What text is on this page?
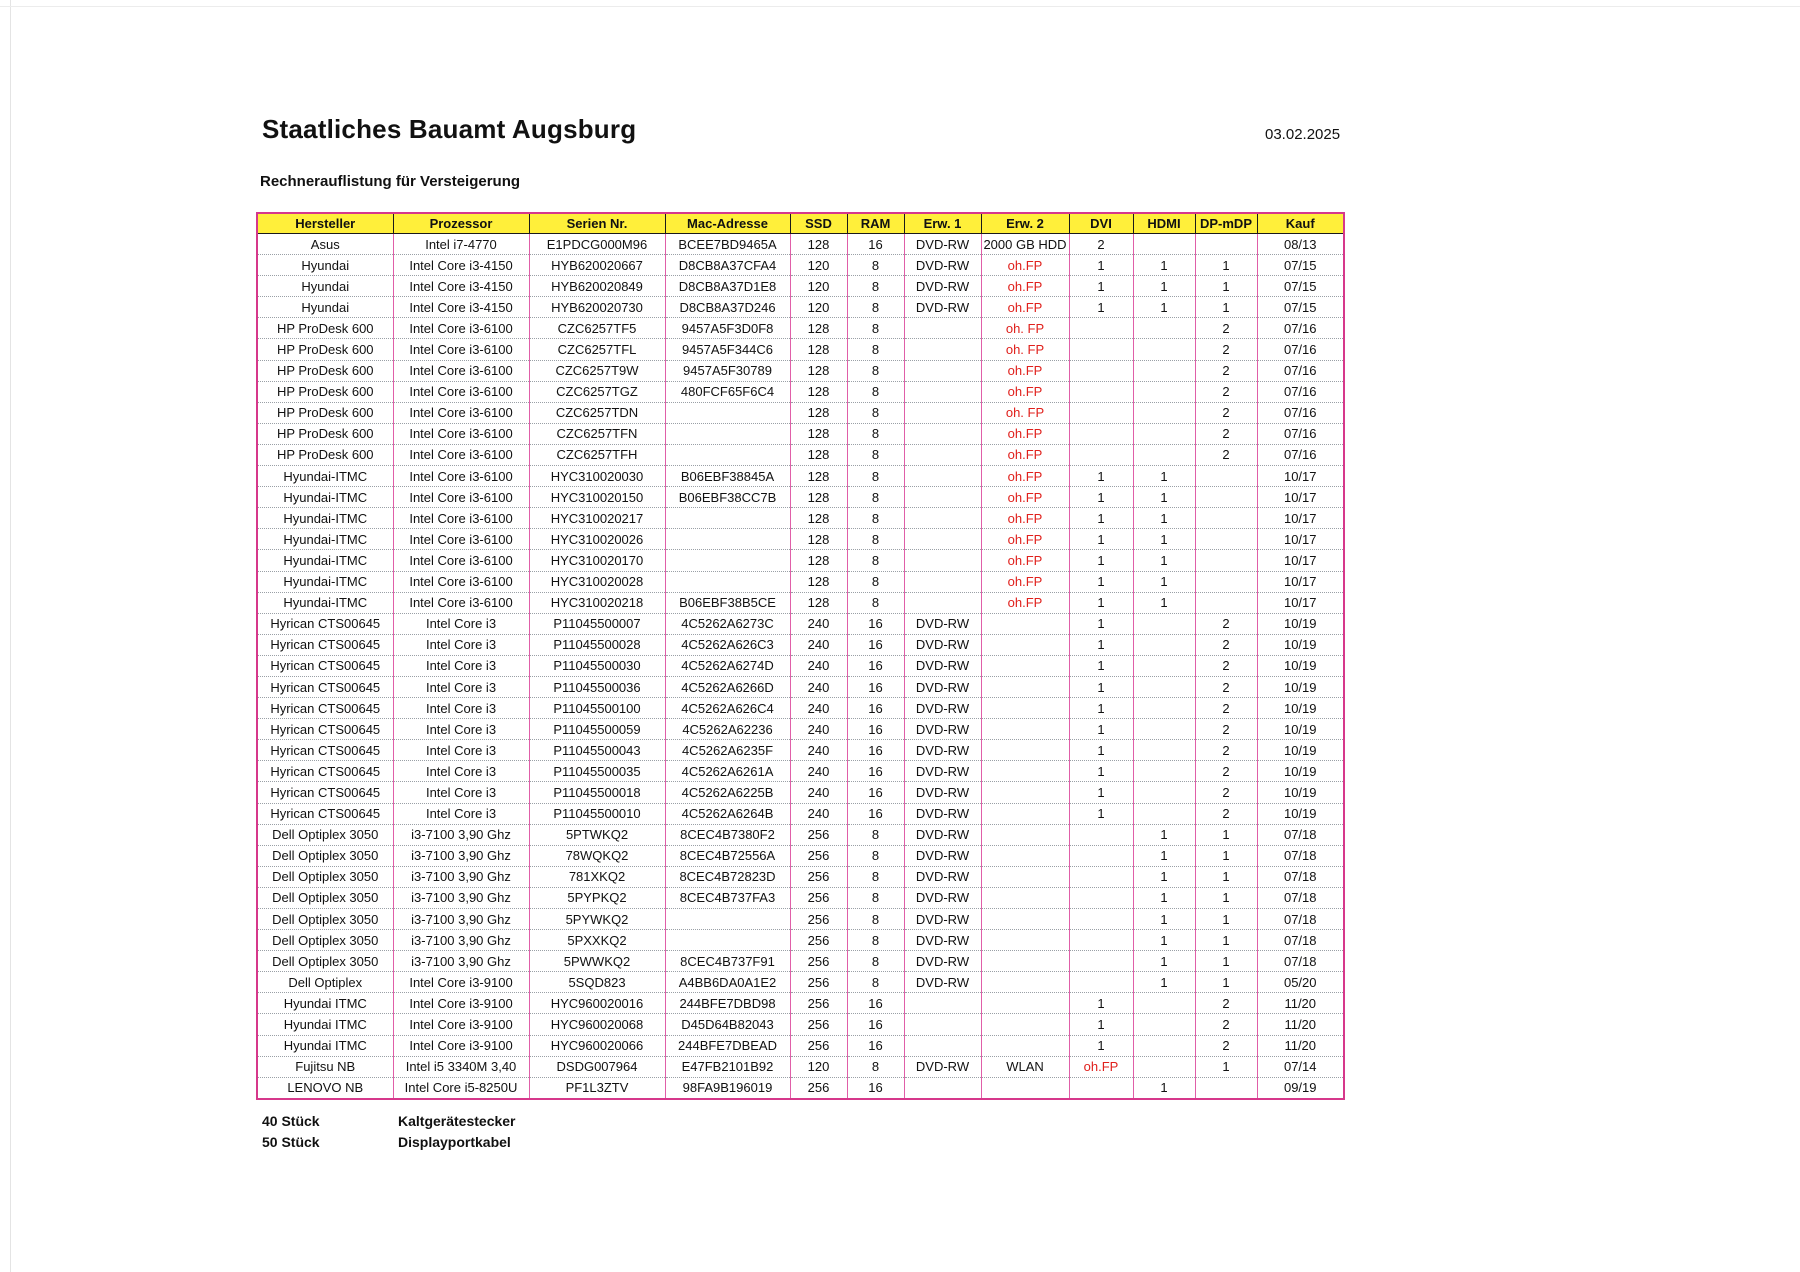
Staatliches Bauamt Augsburg	03.02.2025
Rechnerauflistung für Versteigerung
Hersteller	Prozessor	Serien Nr.	Mac-Adresse	SSD	RAM	Erw. 1	Erw. 2	DVI	HDMI	DP-mDP	Kauf
Asus	Intel i7-4770	E1PDCG000M96	BCEE7BD9465A	128	16	DVD-RW	2000 GB HDD	2			08/13
Hyundai	Intel Core i3-4150	HYB620020667	D8CB8A37CFA4	120	8	DVD-RW	oh.FP	1	1	1	07/15
Hyundai	Intel Core i3-4150	HYB620020849	D8CB8A37D1E8	120	8	DVD-RW	oh.FP	1	1	1	07/15
Hyundai	Intel Core i3-4150	HYB620020730	D8CB8A37D246	120	8	DVD-RW	oh.FP	1	1	1	07/15
HP ProDesk 600	Intel Core i3-6100	CZC6257TF5	9457A5F3D0F8	128	8		oh. FP			2	07/16
HP ProDesk 600	Intel Core i3-6100	CZC6257TFL	9457A5F344C6	128	8		oh. FP			2	07/16
HP ProDesk 600	Intel Core i3-6100	CZC6257T9W	9457A5F30789	128	8		oh.FP			2	07/16
HP ProDesk 600	Intel Core i3-6100	CZC6257TGZ	480FCF65F6C4	128	8		oh.FP			2	07/16
HP ProDesk 600	Intel Core i3-6100	CZC6257TDN		128	8		oh. FP			2	07/16
HP ProDesk 600	Intel Core i3-6100	CZC6257TFN		128	8		oh.FP			2	07/16
HP ProDesk 600	Intel Core i3-6100	CZC6257TFH		128	8		oh.FP			2	07/16
Hyundai-ITMC	Intel Core i3-6100	HYC310020030	B06EBF38845A	128	8		oh.FP	1	1		10/17
Hyundai-ITMC	Intel Core i3-6100	HYC310020150	B06EBF38CC7B	128	8		oh.FP	1	1		10/17
Hyundai-ITMC	Intel Core i3-6100	HYC310020217		128	8		oh.FP	1	1		10/17
Hyundai-ITMC	Intel Core i3-6100	HYC310020026		128	8		oh.FP	1	1		10/17
Hyundai-ITMC	Intel Core i3-6100	HYC310020170		128	8		oh.FP	1	1		10/17
Hyundai-ITMC	Intel Core i3-6100	HYC310020028		128	8		oh.FP	1	1		10/17
Hyundai-ITMC	Intel Core i3-6100	HYC310020218	B06EBF38B5CE	128	8		oh.FP	1	1		10/17
Hyrican CTS00645	Intel Core i3	P11045500007	4C5262A6273C	240	16	DVD-RW		1		2	10/19
Hyrican CTS00645	Intel Core i3	P11045500028	4C5262A626C3	240	16	DVD-RW		1		2	10/19
Hyrican CTS00645	Intel Core i3	P11045500030	4C5262A6274D	240	16	DVD-RW		1		2	10/19
Hyrican CTS00645	Intel Core i3	P11045500036	4C5262A6266D	240	16	DVD-RW		1		2	10/19
Hyrican CTS00645	Intel Core i3	P11045500100	4C5262A626C4	240	16	DVD-RW		1		2	10/19
Hyrican CTS00645	Intel Core i3	P11045500059	4C5262A62236	240	16	DVD-RW		1		2	10/19
Hyrican CTS00645	Intel Core i3	P11045500043	4C5262A6235F	240	16	DVD-RW		1		2	10/19
Hyrican CTS00645	Intel Core i3	P11045500035	4C5262A6261A	240	16	DVD-RW		1		2	10/19
Hyrican CTS00645	Intel Core i3	P11045500018	4C5262A6225B	240	16	DVD-RW		1		2	10/19
Hyrican CTS00645	Intel Core i3	P11045500010	4C5262A6264B	240	16	DVD-RW		1		2	10/19
Dell Optiplex 3050	i3-7100 3,90 Ghz	5PTWKQ2	8CEC4B7380F2	256	8	DVD-RW			1	1	07/18
Dell Optiplex 3050	i3-7100 3,90 Ghz	78WQKQ2	8CEC4B72556A	256	8	DVD-RW			1	1	07/18
Dell Optiplex 3050	i3-7100 3,90 Ghz	781XKQ2	8CEC4B72823D	256	8	DVD-RW			1	1	07/18
Dell Optiplex 3050	i3-7100 3,90 Ghz	5PYPKQ2	8CEC4B737FA3	256	8	DVD-RW			1	1	07/18
Dell Optiplex 3050	i3-7100 3,90 Ghz	5PYWKQ2		256	8	DVD-RW			1	1	07/18
Dell Optiplex 3050	i3-7100 3,90 Ghz	5PXXKQ2		256	8	DVD-RW			1	1	07/18
Dell Optiplex 3050	i3-7100 3,90 Ghz	5PWWKQ2	8CEC4B737F91	256	8	DVD-RW			1	1	07/18
Dell Optiplex	Intel Core i3-9100	5SQD823	A4BB6DA0A1E2	256	8	DVD-RW			1	1	05/20
Hyundai ITMC	Intel Core i3-9100	HYC960020016	244BFE7DBD98	256	16			1		2	11/20
Hyundai ITMC	Intel Core i3-9100	HYC960020068	D45D64B82043	256	16			1		2	11/20
Hyundai ITMC	Intel Core i3-9100	HYC960020066	244BFE7DBEAD	256	16			1		2	11/20
Fujitsu NB	Intel i5 3340M 3,40	DSDG007964	E47FB2101B92	120	8	DVD-RW	WLAN	oh.FP		1	07/14
LENOVO NB	Intel Core i5-8250U	PF1L3ZTV	98FA9B196019	256	16				1		09/19
40 Stück	Kaltgerätestecker
50 Stück	Displayportkabel
